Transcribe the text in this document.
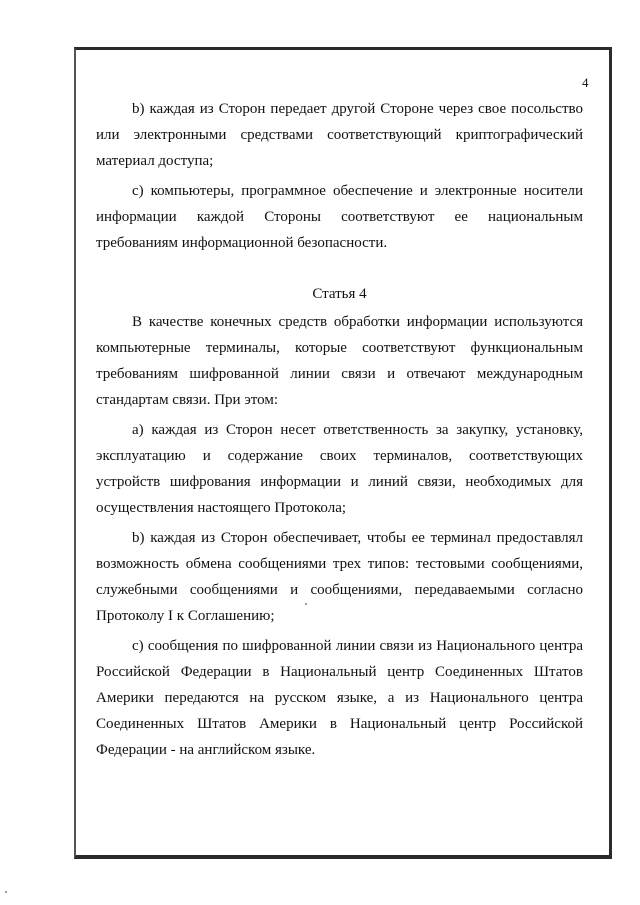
4

b) каждая из Сторон передает другой Стороне через свое посольство или электронными средствами соответствующий криптографический материал доступа;

c) компьютеры, программное обеспечение и электронные носители информации каждой Стороны соответствуют ее национальным требованиям информационной безопасности.

Статья 4

В качестве конечных средств обработки информации используются компьютерные терминалы, которые соответствуют функциональным требованиям шифрованной линии связи и отвечают международным стандартам связи. При этом:

a) каждая из Сторон несет ответственность за закупку, установку, эксплуатацию и содержание своих терминалов, соответствующих устройств шифрования информации и линий связи, необходимых для осуществления настоящего Протокола;

b) каждая из Сторон обеспечивает, чтобы ее терминал предоставлял возможность обмена сообщениями трех типов: тестовыми сообщениями, служебными сообщениями и сообщениями, передаваемыми согласно Протоколу I к Соглашению;

c) сообщения по шифрованной линии связи из Национального центра Российской Федерации в Национальный центр Соединенных Штатов Америки передаются на русском языке, а из Национального центра Соединенных Штатов Америки в Национальный центр Российской Федерации - на английском языке.
